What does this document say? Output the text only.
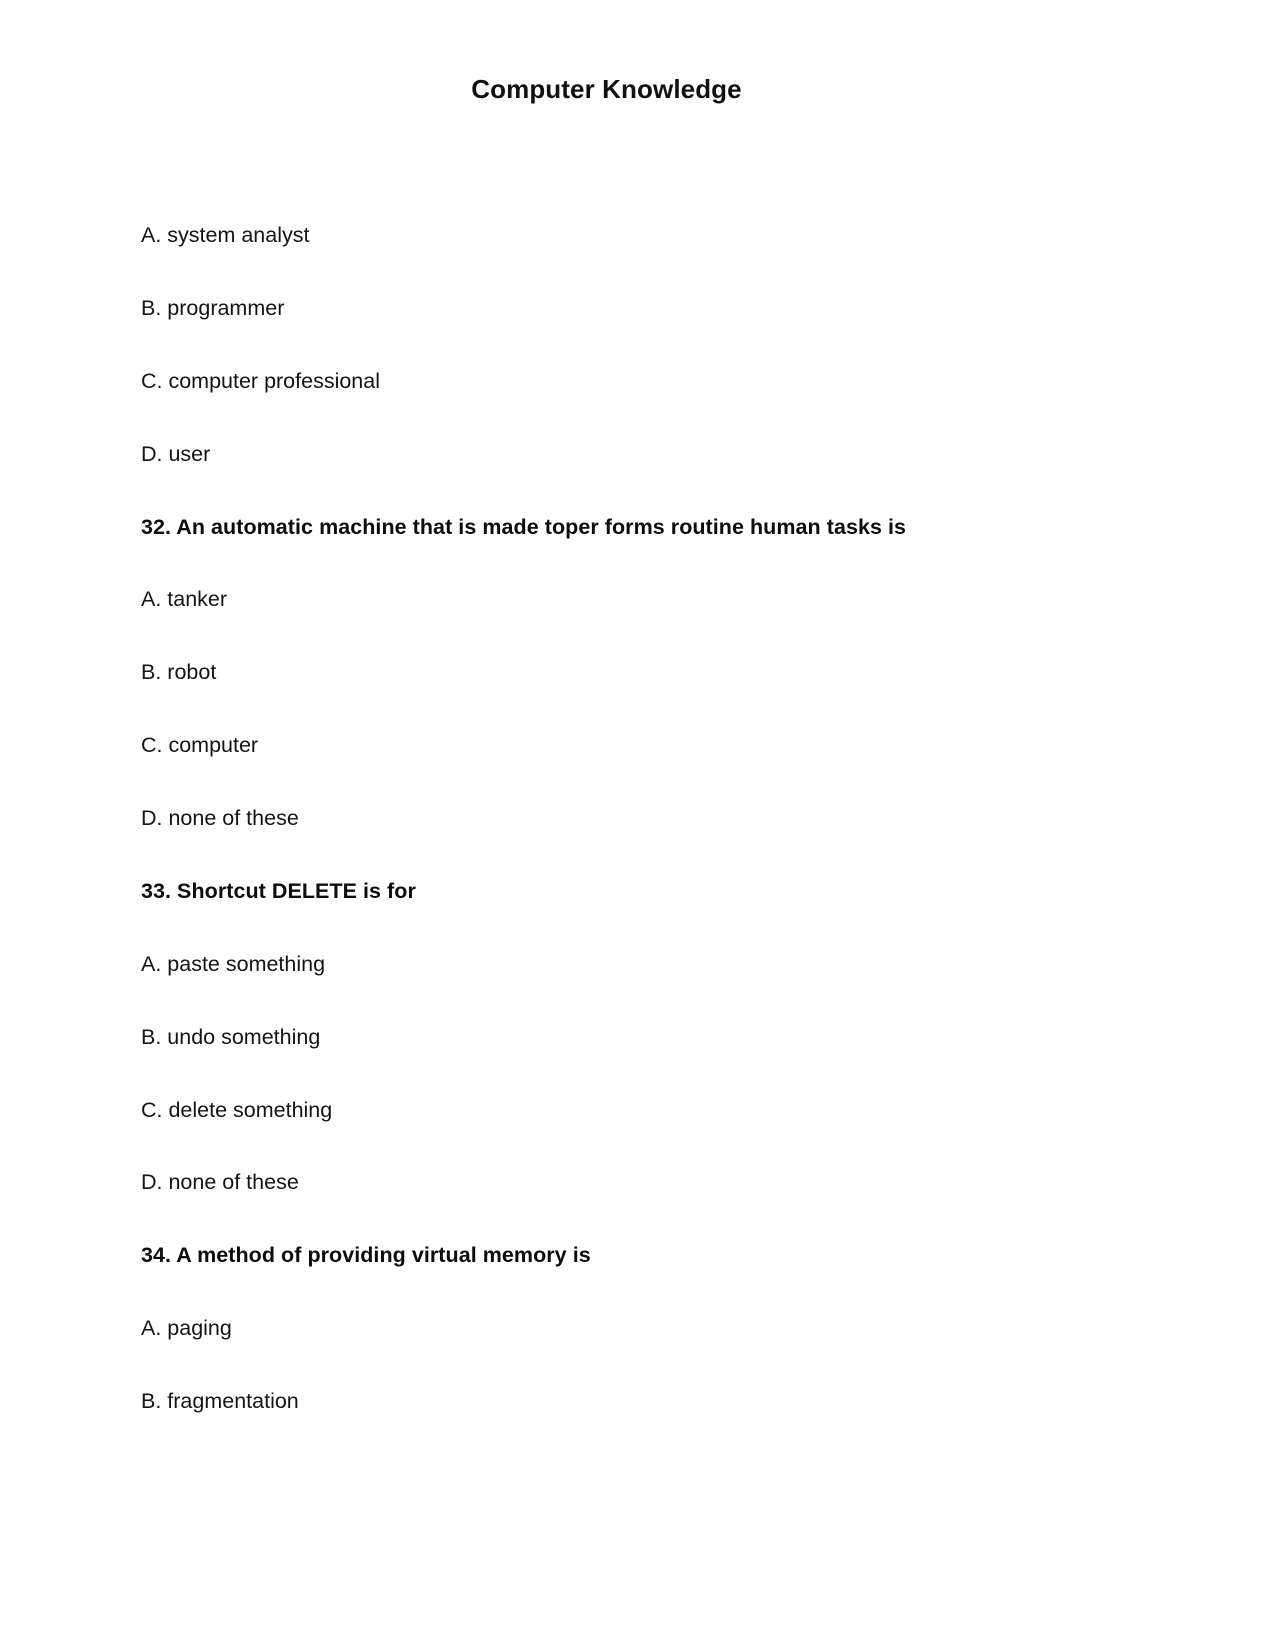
Computer Knowledge

A. system analyst

B. programmer

C. computer professional

D. user

32. An automatic machine that is made toper forms routine human tasks is

A. tanker

B. robot

C. computer

D. none of these

33. Shortcut DELETE is for

A. paste something

B. undo something

C. delete something

D. none of these

34. A method of providing virtual memory is

A. paging

B. fragmentation
